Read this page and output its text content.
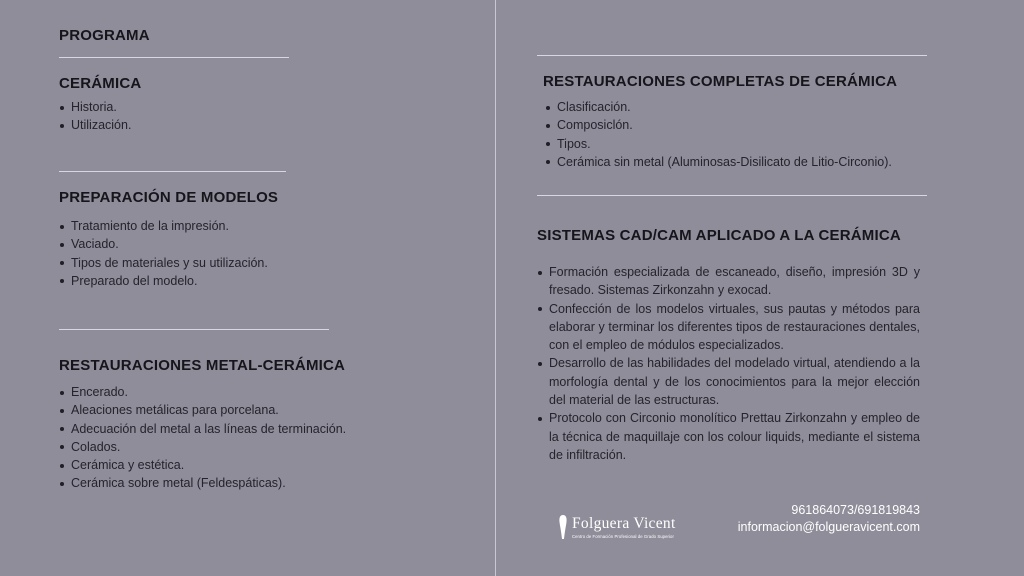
PROGRAMA
CERÁMICA
Historia.
Utilización.
PREPARACIÓN DE MODELOS
Tratamiento de la impresión.
Vaciado.
Tipos de materiales y su utilización.
Preparado del modelo.
RESTAURACIONES METAL-CERÁMICA
Encerado.
Aleaciones metálicas para porcelana.
Adecuación del metal a las líneas de terminación.
Colados.
Cerámica y estética.
Cerámica sobre metal (Feldespáticas).
RESTAURACIONES COMPLETAS DE CERÁMICA
Clasificación.
Composiclón.
Tipos.
Cerámica sin metal (Aluminosas-Disilicato de Litio-Circonio).
SISTEMAS CAD/CAM APLICADO A LA CERÁMICA
Formación especializada de escaneado, diseño, impresión 3D y fresado. Sistemas Zirkonzahn y exocad.
Confección de los modelos virtuales, sus pautas y métodos para elaborar y terminar los diferentes tipos de restauraciones dentales, con el empleo de módulos especializados.
Desarrollo de las habilidades del modelado virtual, atendiendo a la morfología dental y de los conocimientos para la mejor elección del material de las estructuras.
Protocolo con Circonio monolítico Prettau Zirkonzahn y empleo de la técnica de maquillaje con los colour liquids, mediante el sistema de infiltración.
Folguera Vicent
Centro de Formación Profesional de Grado Superior
961864073/691819843
informacion@folgueravicent.com
